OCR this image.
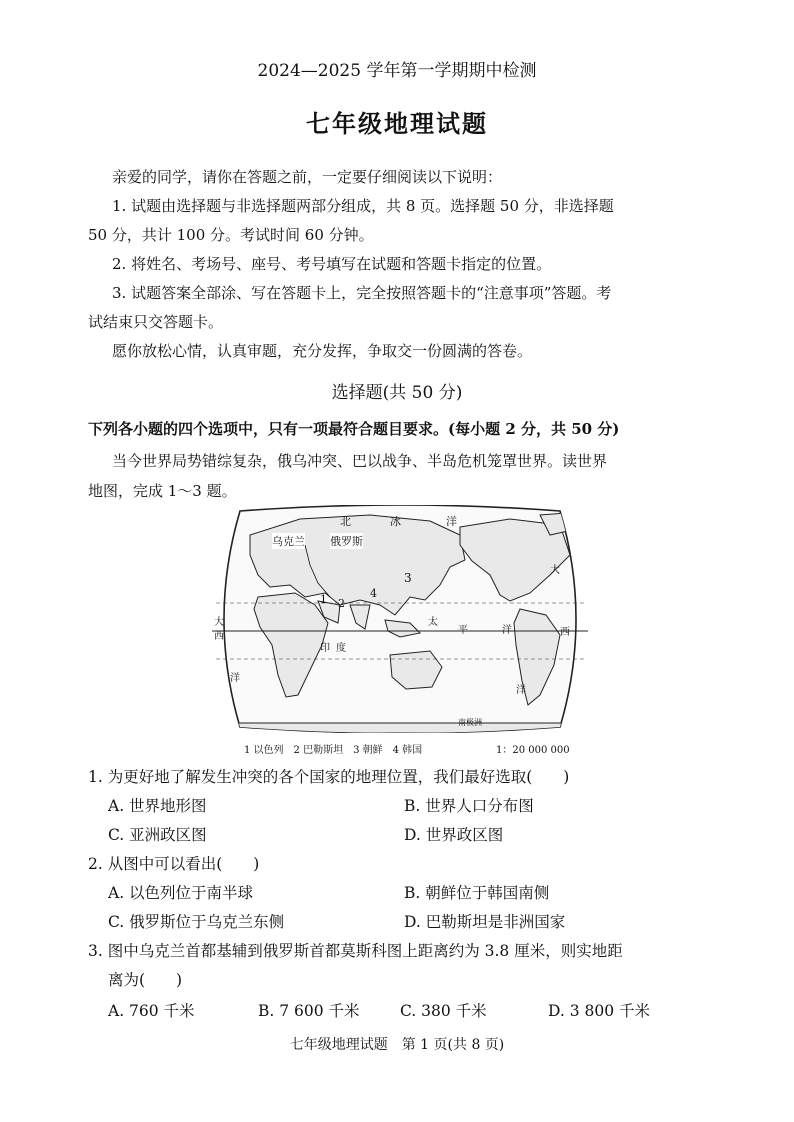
2024—2025 学年第一学期期中检测
七年级地理试题
亲爱的同学，请你在答题之前，一定要仔细阅读以下说明：
1. 试题由选择题与非选择题两部分组成，共 8 页。选择题 50 分，非选择题
50 分，共计 100 分。考试时间 60 分钟。
2. 将姓名、考场号、座号、考号填写在试题和答题卡指定的位置。
3. 试题答案全部涂、写在答题卡上，完全按照答题卡的“注意事项”答题。考
试结束只交答题卡。
愿你放松心情，认真审题，充分发挥，争取交一份圆满的答卷。
选择题(共 50 分)
下列各小题的四个选项中，只有一项最符合题目要求。(每小题 2 分，共 50 分)
当今世界局势错综复杂，俄乌冲突、巴以战争、半岛危机笼罩世界。读世界
地图，完成 1～3 题。
北	冰	洋
乌克兰 俄罗斯
1 2
3
4
大
西
大
西
太
平	洋
印 度
洋
洋
南极洲
1 以色列　2 巴勒斯坦　3 朝鲜　4 韩国	1：20 000 000
1. 为更好地了解发生冲突的各个国家的地理位置，我们最好选取(　　)
A. 世界地形图	B. 世界人口分布图
C. 亚洲政区图	D. 世界政区图
2. 从图中可以看出(　　)
A. 以色列位于南半球	B. 朝鲜位于韩国南侧
C. 俄罗斯位于乌克兰东侧	D. 巴勒斯坦是非洲国家
3. 图中乌克兰首都基辅到俄罗斯首都莫斯科图上距离约为 3.8 厘米，则实地距
离为(　　)
A. 760 千米	B. 7 600 千米	C. 380 千米	D. 3 800 千米
七年级地理试题　第 1 页(共 8 页)
